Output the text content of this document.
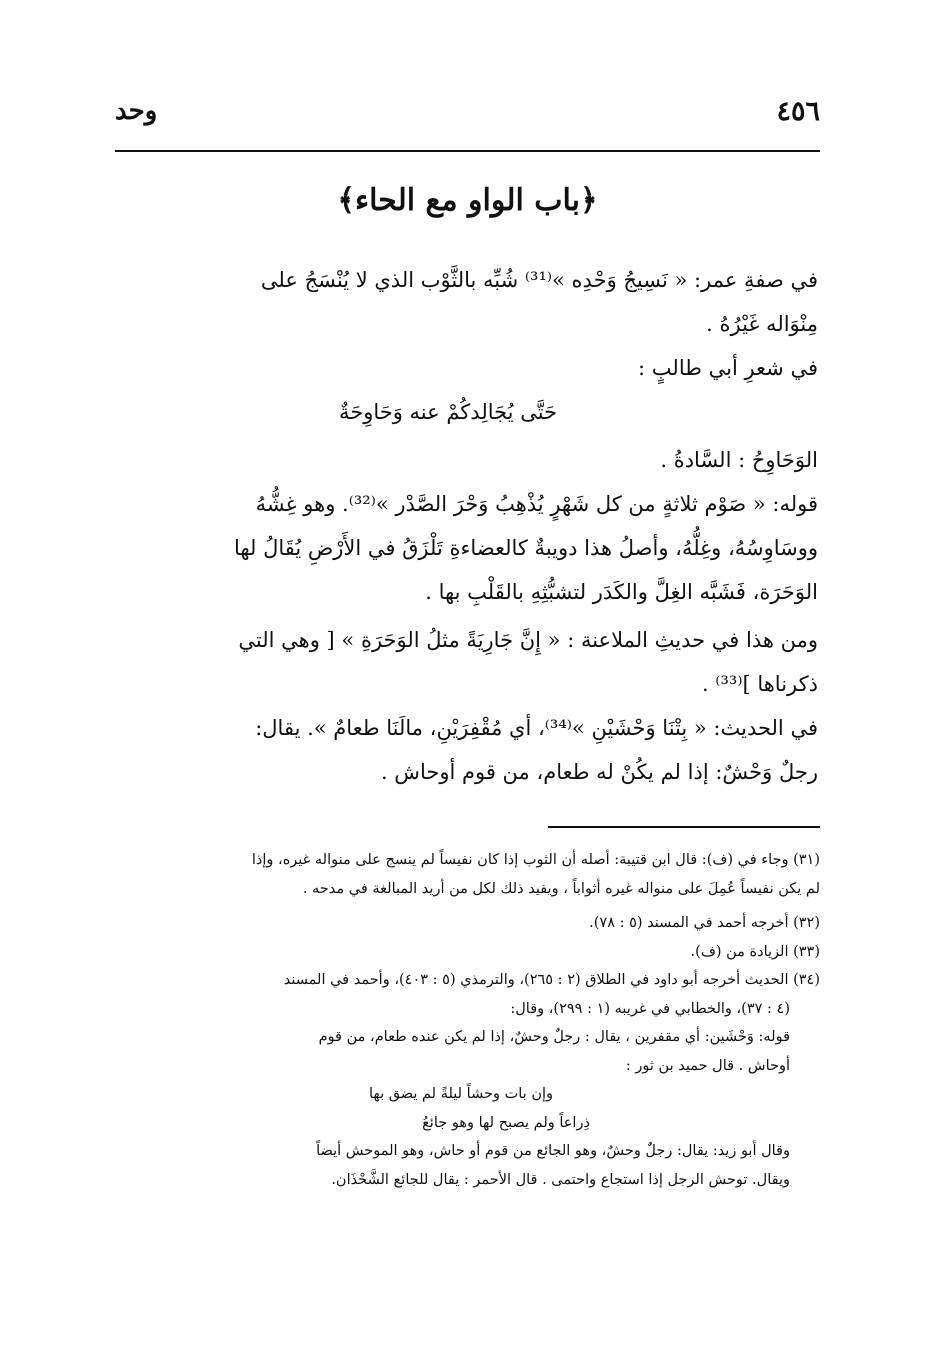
٤٥٦
وحد
﴿باب الواو مع الحاء﴾

في صفةِ عمر: « نَسِيجُ وَحْدِه »⁽³¹⁾ شُبِّه بالثَّوْب الذي لا يُنْسَجُ على

مِنْوَاله غَيْرُهُ .

في شعرِ أبي طالبٍ :

حَتَّى يُجَالِدكُمْ عنه وَحَاوِحَةٌ

الوَحَاوِحُ : السَّادةُ .

قوله: « صَوْم ثلاثةٍ من كل شَهْرٍ يُذْهِبُ وَحْرَ الصَّدْر »⁽³²⁾. وهو غِشُّهُ

ووسَاوِسُهُ، وغِلُّهُ، وأصلُ هذا دويبةٌ كالعضاءةِ تَلْزَقُ في الأَرْضِ يُقَالُ لها

الوَحَرَة، فَشَبَّه الغِلَّ والكَدَر لتشبُّثِهِ بالقَلْبِ بها .

ومن هذا في حديثِ الملاعنة : « إِنَّ جَارِيَةً مثلُ الوَحَرَةِ » [ وهي التي

ذكرناها ]⁽³³⁾ .

في الحديث: « بِتْنَا وَحْشَيْنِ »⁽³⁴⁾، أي مُقْفِرَيْنِ، مالَنَا طعامٌ ». يقال:

رجلٌ وَحْشٌ: إذا لم يكُنْ له طعام، من قوم أوحاش .

(٣١) وجاء في (ف): قال ابن قتيبة: أصله أن الثوب إذا كان نفيساً لم ينسج على منواله غيره، وإذا

لم يكن نفيساً عُمِلَ على منواله غيره أثواباً ، ويفيد ذلك لكل من أريد المبالغة في مدحه .

(٣٢) أخرجه أحمد في المسند (٥ : ٧٨).

(٣٣) الزيادة من (ف).

(٣٤) الحديث أخرجه أبو داود في الطلاق (٢ : ٢٦٥)، والترمذي (٥ : ٤٠٣)، وأحمد في المسند

(٤ : ٣٧)، والخطابي في غريبه (١ : ٢٩٩)، وقال:

قوله: وَحْشَين: أي مقفرين ، يقال : رجلٌ وحشٌ، إذا لم يكن عنده طعام، من قوم

أوحاش . قال حميد بن ثور :

وإن بات وحشاً ليلةً لم يضق بها

ذِراعاً ولم يصبح لها وهو جائعُ

وقال أبو زيد: يقال: رجلٌ وحشٌ، وهو الجائع من قوم أو حاش، وهو الموحش أيضاً

ويقال. توحش الرجل إذا استجاع واحتمى . قال الأحمر : يقال للجائع الشَّحْذَان.
